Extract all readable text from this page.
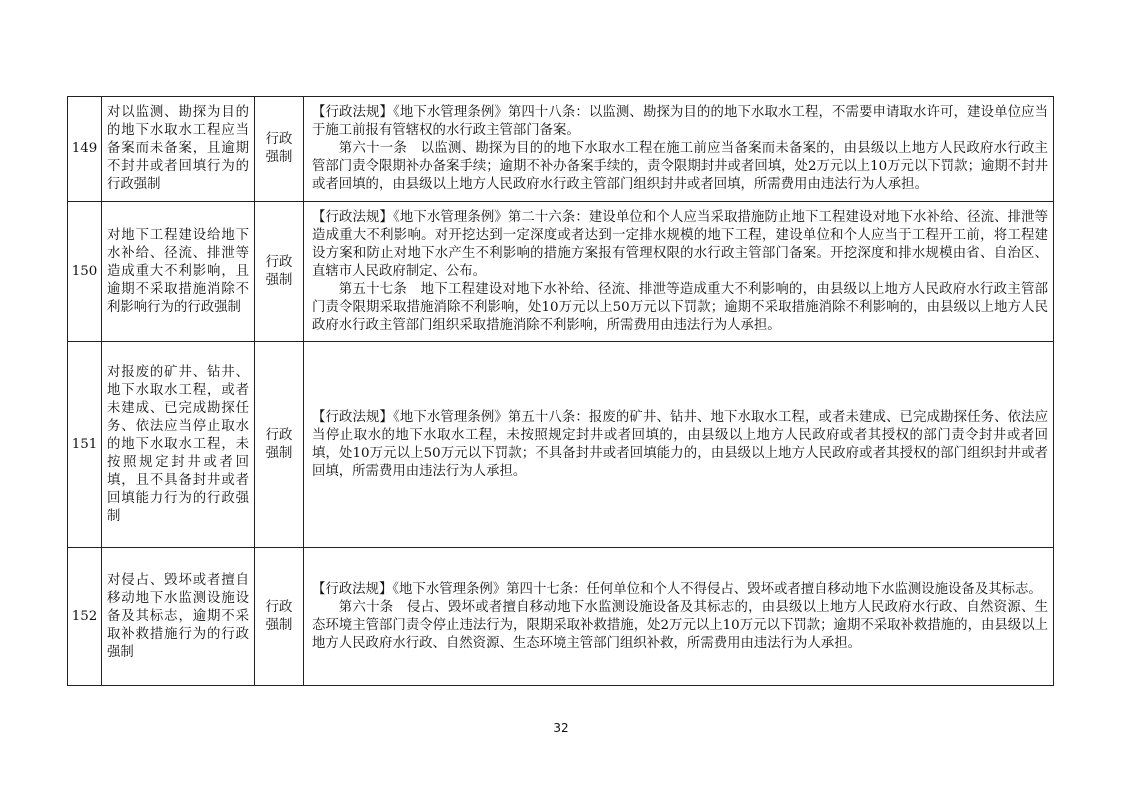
149	对以监测、勘探为目的的地下水取水工程应当备案而未备案，且逾期不封井或者回填行为的行政强制	行政强制	【行政法规】《地下水管理条例》第四十八条：以监测、勘探为目的的地下水取水工程，不需要申请取水许可，建设单位应当于施工前报有管辖权的水行政主管部门备案。

第六十一条　以监测、勘探为目的的地下水取水工程在施工前应当备案而未备案的，由县级以上地方人民政府水行政主管部门责令限期补办备案手续；逾期不补办备案手续的，责令限期封井或者回填，处2万元以上10万元以下罚款；逾期不封井或者回填的，由县级以上地方人民政府水行政主管部门组织封井或者回填，所需费用由违法行为人承担。

150	对地下工程建设给地下水补给、径流、排泄等造成重大不利影响，且逾期不采取措施消除不利影响行为的行政强制	行政强制	【行政法规】《地下水管理条例》第二十六条：建设单位和个人应当采取措施防止地下工程建设对地下水补给、径流、排泄等造成重大不利影响。对开挖达到一定深度或者达到一定排水规模的地下工程，建设单位和个人应当于工程开工前，将工程建设方案和防止对地下水产生不利影响的措施方案报有管理权限的水行政主管部门备案。开挖深度和排水规模由省、自治区、直辖市人民政府制定、公布。

第五十七条　地下工程建设对地下水补给、径流、排泄等造成重大不利影响的，由县级以上地方人民政府水行政主管部门责令限期采取措施消除不利影响，处10万元以上50万元以下罚款；逾期不采取措施消除不利影响的，由县级以上地方人民政府水行政主管部门组织采取措施消除不利影响，所需费用由违法行为人承担。

151	对报废的矿井、钻井、地下水取水工程，或者未建成、已完成勘探任务、依法应当停止取水的地下水取水工程，未按照规定封井或者回填，且不具备封井或者回填能力行为的行政强制	行政强制	【行政法规】《地下水管理条例》第五十八条：报废的矿井、钻井、地下水取水工程，或者未建成、已完成勘探任务、依法应当停止取水的地下水取水工程，未按照规定封井或者回填的，由县级以上地方人民政府或者其授权的部门责令封井或者回填，处10万元以上50万元以下罚款；不具备封井或者回填能力的，由县级以上地方人民政府或者其授权的部门组织封井或者回填，所需费用由违法行为人承担。

152	对侵占、毁坏或者擅自移动地下水监测设施设备及其标志，逾期不采取补救措施行为的行政强制	行政强制	【行政法规】《地下水管理条例》第四十七条：任何单位和个人不得侵占、毁坏或者擅自移动地下水监测设施设备及其标志。

第六十条　侵占、毁坏或者擅自移动地下水监测设施设备及其标志的，由县级以上地方人民政府水行政、自然资源、生态环境主管部门责令停止违法行为，限期采取补救措施，处2万元以上10万元以下罚款；逾期不采取补救措施的，由县级以上地方人民政府水行政、自然资源、生态环境主管部门组织补救，所需费用由违法行为人承担。

32
